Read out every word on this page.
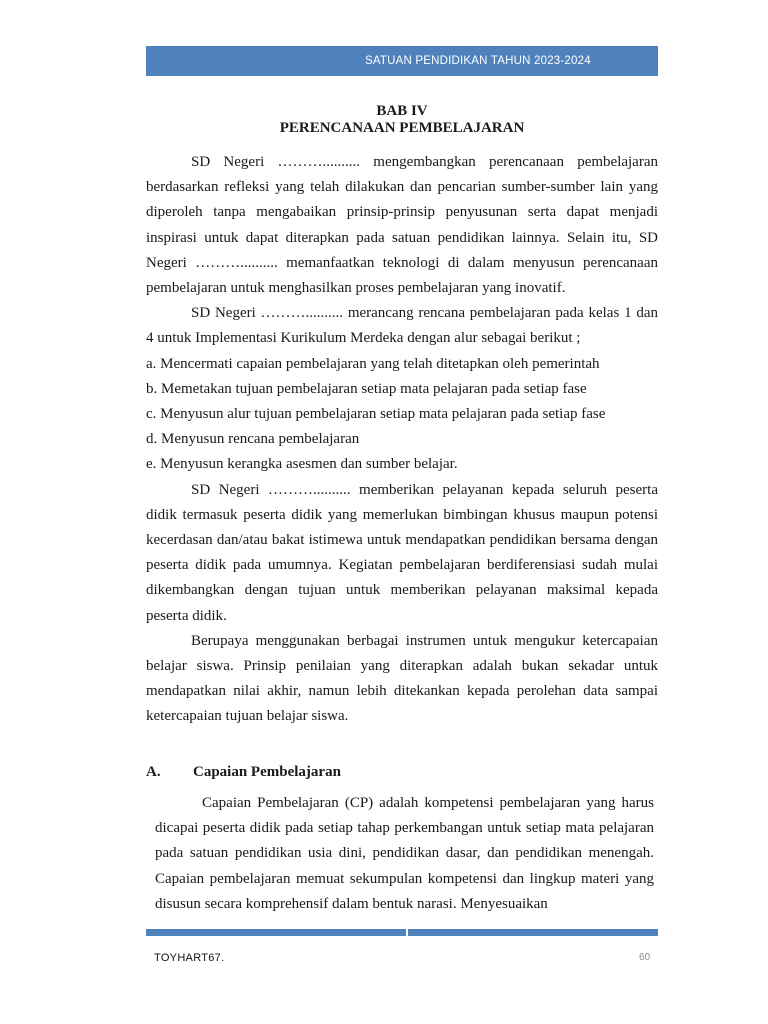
SATUAN PENDIDIKAN TAHUN 2023-2024
BAB IV
PERENCANAAN PEMBELAJARAN

SD Negeri ……….......... mengembangkan perencanaan pembelajaran berdasarkan refleksi yang telah dilakukan dan pencarian sumber-sumber lain yang diperoleh tanpa mengabaikan prinsip-prinsip penyusunan serta dapat menjadi inspirasi untuk dapat diterapkan pada satuan pendidikan lainnya. Selain itu, SD Negeri ……….......... memanfaatkan teknologi di dalam menyusun perencanaan pembelajaran untuk menghasilkan proses pembelajaran yang inovatif.

SD Negeri ……….......... merancang rencana pembelajaran pada kelas 1 dan 4 untuk Implementasi Kurikulum Merdeka dengan alur sebagai berikut ;

a. Mencermati capaian pembelajaran yang telah ditetapkan oleh pemerintah

b. Memetakan tujuan pembelajaran setiap mata pelajaran pada setiap fase

c. Menyusun alur tujuan pembelajaran setiap mata pelajaran pada setiap fase

d. Menyusun rencana pembelajaran

e. Menyusun kerangka asesmen dan sumber belajar.

SD Negeri ……….......... memberikan pelayanan kepada seluruh peserta didik termasuk peserta didik yang memerlukan bimbingan khusus maupun potensi kecerdasan dan/atau bakat istimewa untuk mendapatkan pendidikan bersama dengan peserta didik pada umumnya. Kegiatan pembelajaran berdiferensiasi sudah mulai dikembangkan dengan tujuan untuk memberikan pelayanan maksimal kepada peserta didik.

Berupaya menggunakan berbagai instrumen untuk mengukur ketercapaian belajar siswa. Prinsip penilaian yang diterapkan adalah bukan sekadar untuk mendapatkan nilai akhir, namun lebih ditekankan kepada perolehan data sampai ketercapaian tujuan belajar siswa.

A. Capaian Pembelajaran

Capaian Pembelajaran (CP) adalah kompetensi pembelajaran yang harus dicapai peserta didik pada setiap tahap perkembangan untuk setiap mata pelajaran pada satuan pendidikan usia dini, pendidikan dasar, dan pendidikan menengah. Capaian pembelajaran memuat sekumpulan kompetensi dan lingkup materi yang disusun secara komprehensif dalam bentuk narasi. Menyesuaikan

TOYHART67.	60
